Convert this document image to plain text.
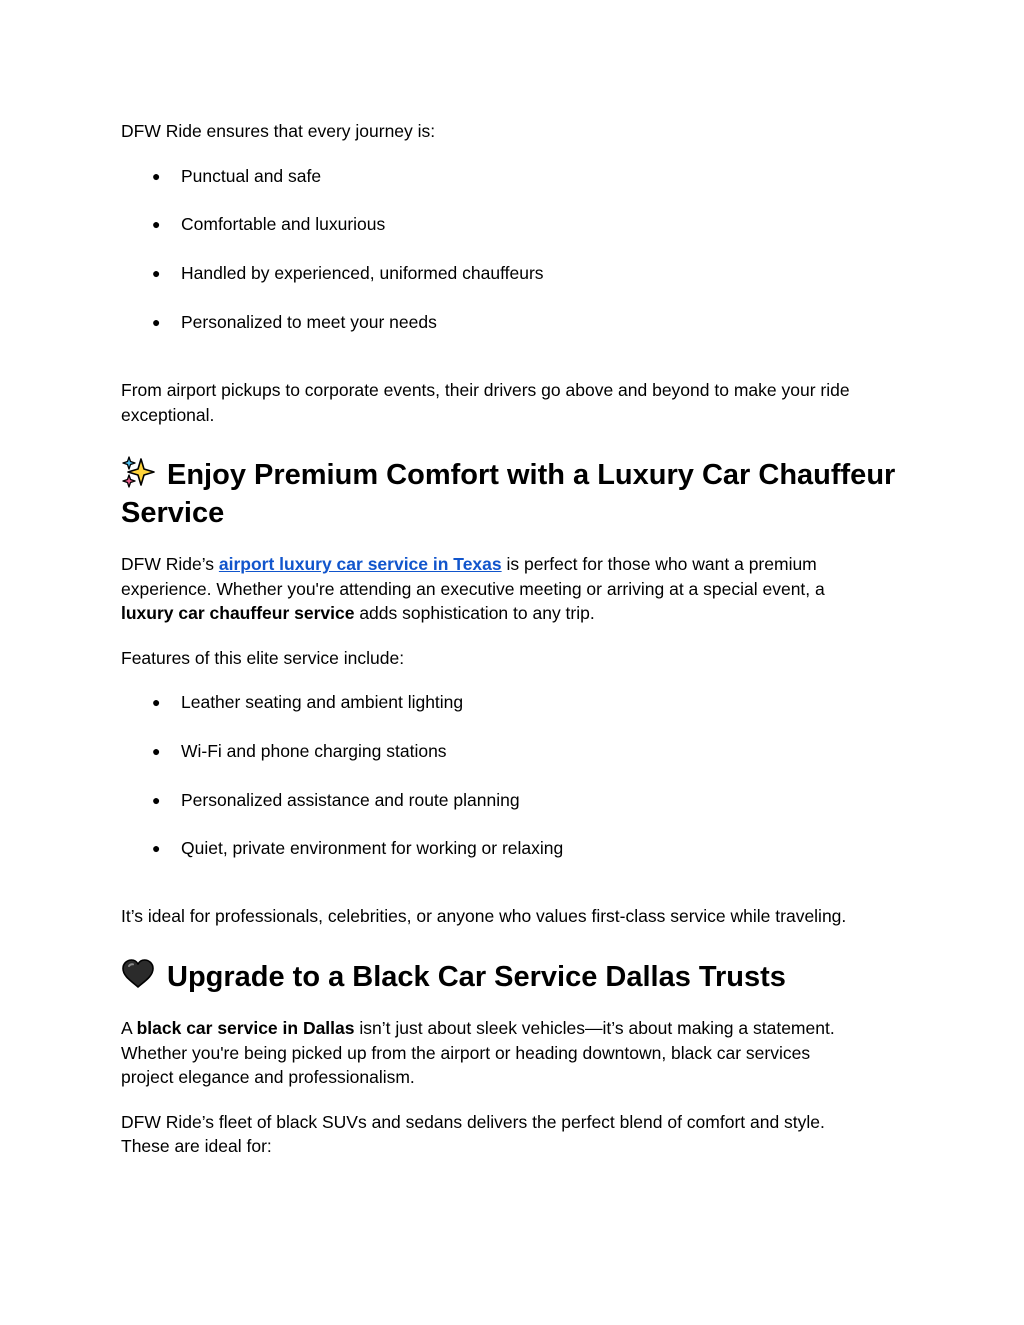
DFW Ride ensures that every journey is:

● Punctual and safe
● Comfortable and luxurious
● Handled by experienced, uniformed chauffeurs
● Personalized to meet your needs

From airport pickups to corporate events, their drivers go above and beyond to make your ride

exceptional.

Enjoy Premium Comfort with a Luxury Car Chauffeur
Service

DFW Ride’s airport luxury car service in Texas is perfect for those who want a premium

experience. Whether you're attending an executive meeting or arriving at a special event, a

luxury car chauffeur service adds sophistication to any trip.

Features of this elite service include:

● Leather seating and ambient lighting
● Wi-Fi and phone charging stations
● Personalized assistance and route planning
● Quiet, private environment for working or relaxing

It’s ideal for professionals, celebrities, or anyone who values first-class service while traveling.

Upgrade to a Black Car Service Dallas Trusts

A black car service in Dallas isn’t just about sleek vehicles—it’s about making a statement.

Whether you're being picked up from the airport or heading downtown, black car services

project elegance and professionalism.

DFW Ride’s fleet of black SUVs and sedans delivers the perfect blend of comfort and style.

These are ideal for:
